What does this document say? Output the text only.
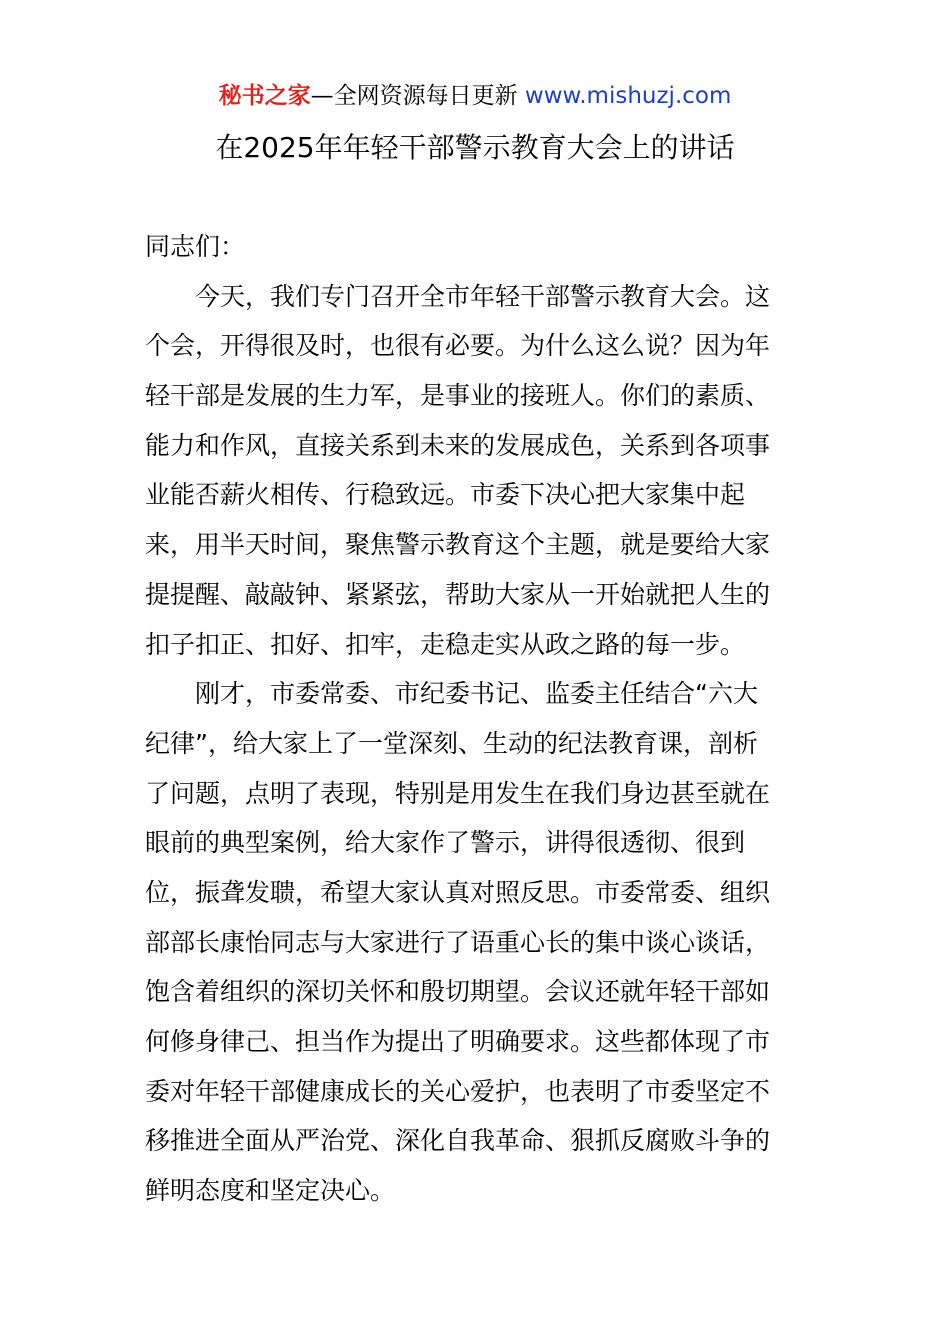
秘书之家—全网资源每日更新 www.mishuzj.com
在2025年年轻干部警示教育大会上的讲话
同志们：
今天，我们专门召开全市年轻干部警示教育大会。这
个会，开得很及时，也很有必要。为什么这么说？因为年
轻干部是发展的生力军，是事业的接班人。你们的素质、
能力和作风，直接关系到未来的发展成色，关系到各项事
业能否薪火相传、行稳致远。市委下决心把大家集中起
来，用半天时间，聚焦警示教育这个主题，就是要给大家
提提醒、敲敲钟、紧紧弦，帮助大家从一开始就把人生的
扣子扣正、扣好、扣牢，走稳走实从政之路的每一步。
刚才，市委常委、市纪委书记、监委主任结合“六大
纪律”，给大家上了一堂深刻、生动的纪法教育课，剖析
了问题，点明了表现，特别是用发生在我们身边甚至就在
眼前的典型案例，给大家作了警示，讲得很透彻、很到
位，振聋发聩，希望大家认真对照反思。市委常委、组织
部部长康怡同志与大家进行了语重心长的集中谈心谈话，
饱含着组织的深切关怀和殷切期望。会议还就年轻干部如
何修身律己、担当作为提出了明确要求。这些都体现了市
委对年轻干部健康成长的关心爱护，也表明了市委坚定不
移推进全面从严治党、深化自我革命、狠抓反腐败斗争的
鲜明态度和坚定决心。
